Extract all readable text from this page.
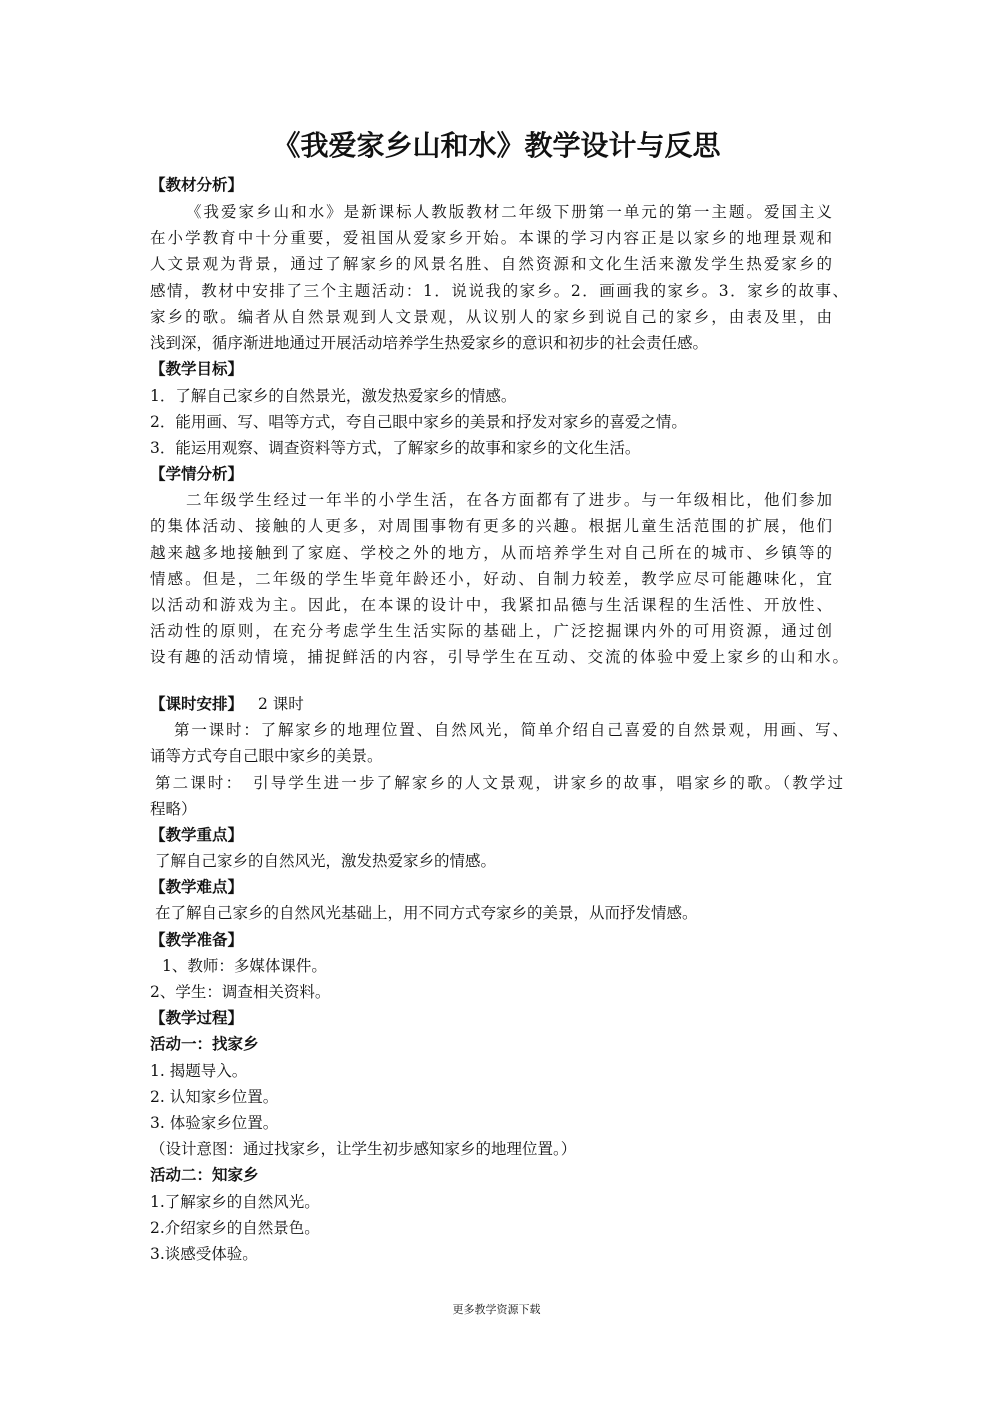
《我爱家乡山和水》教学设计与反思
【教材分析】
《我爱家乡山和水》是新课标人教版教材二年级下册第一单元的第一主题。爱国主义
在小学教育中十分重要，爱祖国从爱家乡开始。本课的学习内容正是以家乡的地理景观和
人文景观为背景，通过了解家乡的风景名胜、自然资源和文化生活来激发学生热爱家乡的
感情，教材中安排了三个主题活动：1．说说我的家乡。2．画画我的家乡。3．家乡的故事、
家乡的歌。编者从自然景观到人文景观，从议别人的家乡到说自己的家乡，由表及里，由
浅到深，循序渐进地通过开展活动培养学生热爱家乡的意识和初步的社会责任感。
【教学目标】
1．了解自己家乡的自然景光，激发热爱家乡的情感。
2．能用画、写、唱等方式，夸自己眼中家乡的美景和抒发对家乡的喜爱之情。
3．能运用观察、调查资料等方式，了解家乡的故事和家乡的文化生活。
【学情分析】
二年级学生经过一年半的小学生活，在各方面都有了进步。与一年级相比，他们参加
的集体活动、接触的人更多，对周围事物有更多的兴趣。根据儿童生活范围的扩展，他们
越来越多地接触到了家庭、学校之外的地方，从而培养学生对自己所在的城市、乡镇等的
情感。但是，二年级的学生毕竟年龄还小，好动、自制力较差，教学应尽可能趣味化，宜
以活动和游戏为主。因此，在本课的设计中，我紧扣品德与生活课程的生活性、开放性、
活动性的原则，在充分考虑学生生活实际的基础上，广泛挖掘课内外的可用资源，通过创
设有趣的活动情境，捕捉鲜活的内容，引导学生在互动、交流的体验中爱上家乡的山和水。
【课时安排】 2 课时
第一课时：了解家乡的地理位置、自然风光，简单介绍自己喜爱的自然景观，用画、写、
诵等方式夸自己眼中家乡的美景。
第二课时：　引导学生进一步了解家乡的人文景观，讲家乡的故事，唱家乡的歌。（教学过
程略）
【教学重点】
了解自己家乡的自然风光，激发热爱家乡的情感。
【教学难点】
在了解自己家乡的自然风光基础上，用不同方式夸家乡的美景，从而抒发情感。
【教学准备】
1、教师：多媒体课件。
2、学生：调查相关资料。
【教学过程】
活动一：找家乡
1. 揭题导入。
2. 认知家乡位置。
3. 体验家乡位置。
（设计意图：通过找家乡，让学生初步感知家乡的地理位置。）
活动二：知家乡
1.了解家乡的自然风光。
2.介绍家乡的自然景色。
3.谈感受体验。
更多教学资源下载
